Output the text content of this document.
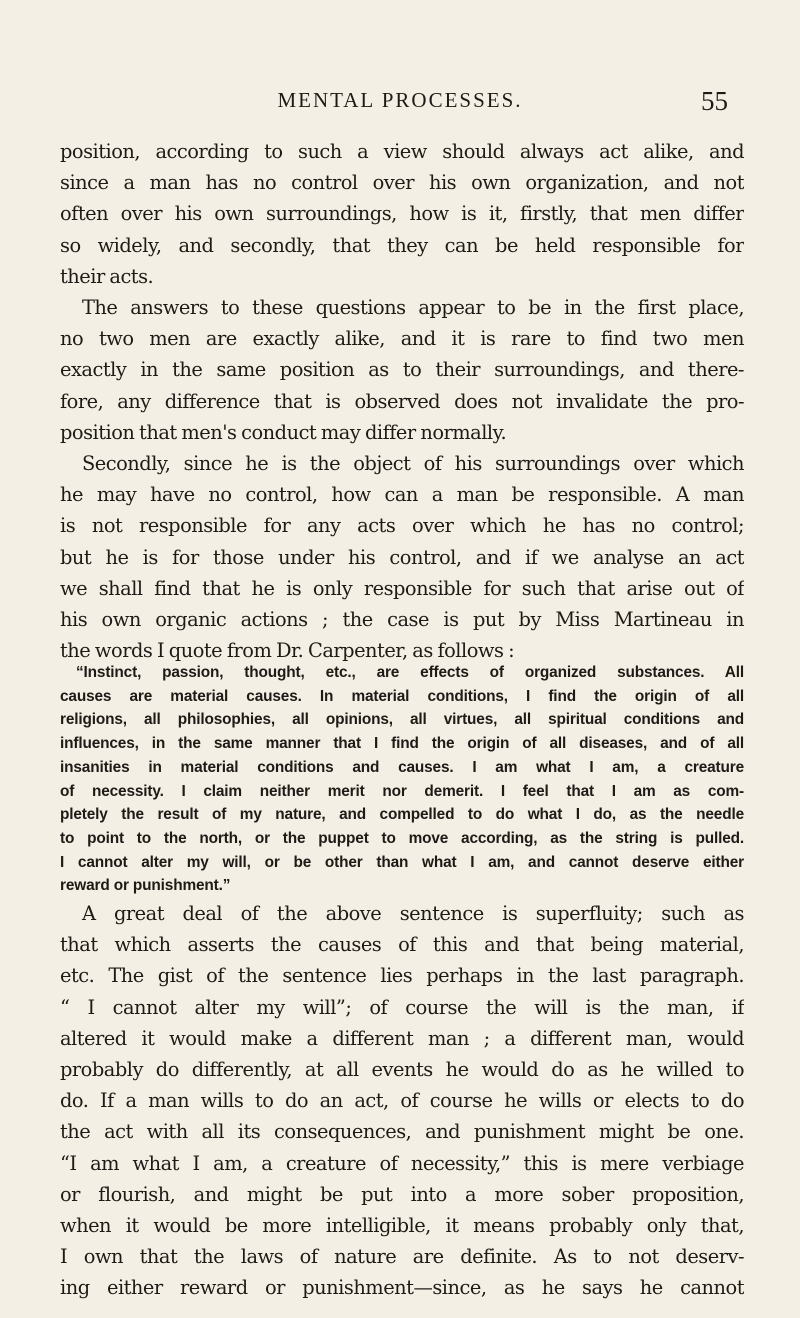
MENTAL PROCESSES.	55
position, according to such a view should always act alike, and
since a man has no control over his own organization, and not
often over his own surroundings, how is it, firstly, that men differ
so widely, and secondly, that they can be held responsible for
their acts.
The answers to these questions appear to be in the first place,
no two men are exactly alike, and it is rare to find two men
exactly in the same position as to their surroundings, and there-
fore, any difference that is observed does not invalidate the pro-
position that men's conduct may differ normally.
Secondly, since he is the object of his surroundings over which
he may have no control, how can a man be responsible. A man
is not responsible for any acts over which he has no control;
but he is for those under his control, and if we analyse an act
we shall find that he is only responsible for such that arise out of
his own organic actions ; the case is put by Miss Martineau in
the words I quote from Dr. Carpenter, as follows :
“Instinct, passion, thought, etc., are effects of organized substances. All
causes are material causes. In material conditions, I find the origin of all
religions, all philosophies, all opinions, all virtues, all spiritual conditions and
influences, in the same manner that I find the origin of all diseases, and of all
insanities in material conditions and causes. I am what I am, a creature
of necessity. I claim neither merit nor demerit. I feel that I am as com-
pletely the result of my nature, and compelled to do what I do, as the needle
to point to the north, or the puppet to move according, as the string is pulled.
I cannot alter my will, or be other than what I am, and cannot deserve either
reward or punishment.”
A great deal of the above sentence is superfluity; such as
that which asserts the causes of this and that being material,
etc. The gist of the sentence lies perhaps in the last paragraph.
“ I cannot alter my will”; of course the will is the man, if
altered it would make a different man ; a different man, would
probably do differently, at all events he would do as he willed to
do. If a man wills to do an act, of course he wills or elects to do
the act with all its consequences, and punishment might be one.
“I am what I am, a creature of necessity,” this is mere verbiage
or flourish, and might be put into a more sober proposition,
when it would be more intelligible, it means probably only that,
I own that the laws of nature are definite. As to not deserv-
ing either reward or punishment—since, as he says he cannot
